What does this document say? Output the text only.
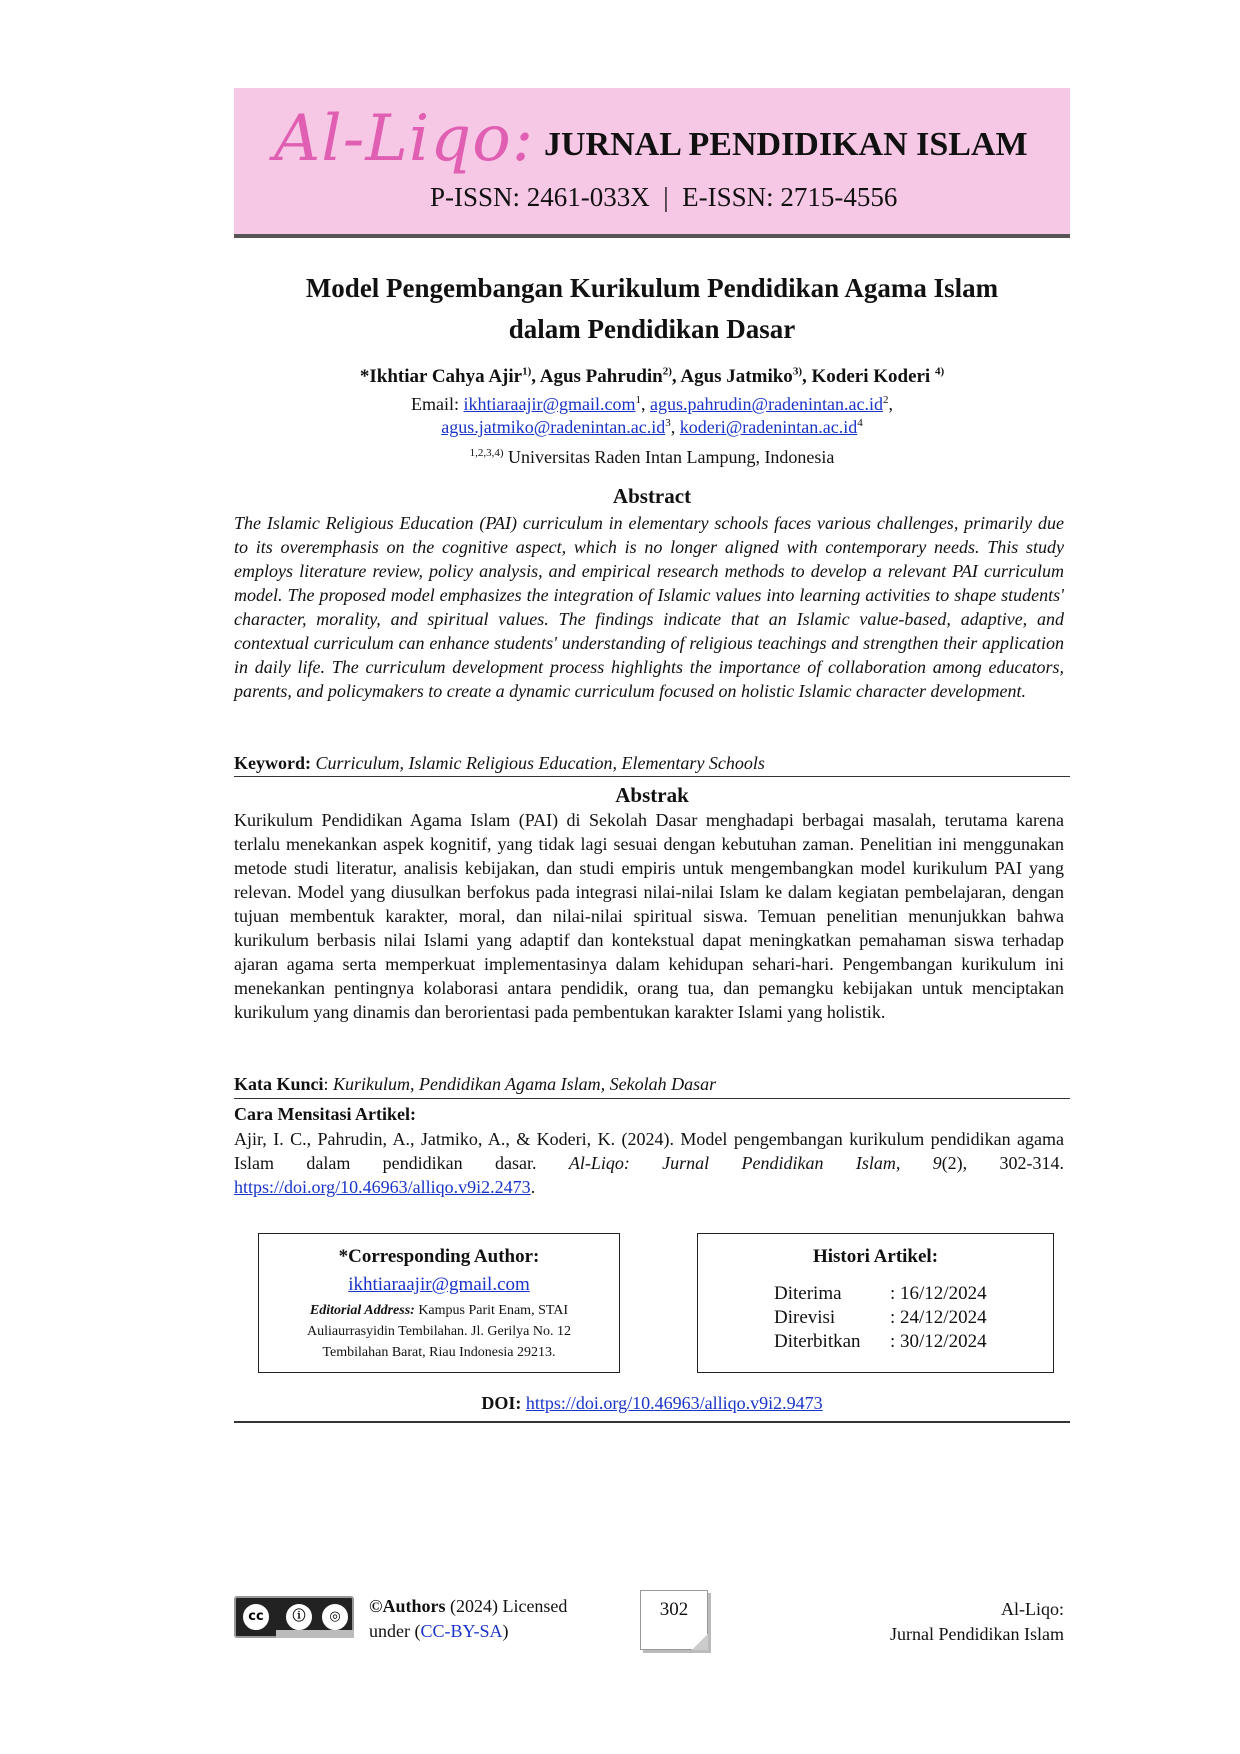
Al-Liqo: JURNAL PENDIDIKAN ISLAM
P-ISSN: 2461-033X  |  E-ISSN: 2715-4556
Model Pengembangan Kurikulum Pendidikan Agama Islam
dalam Pendidikan Dasar
*Ikhtiar Cahya Ajir$^{1)}$, Agus Pahrudin$^{2)}$, Agus Jatmiko$^{3)}$, Koderi Koderi $^{4)}$
Email: ikhtiaraajir@gmail.com$^1$, $agus.pahrudin@radenintan.ac.id^2$,
$agus.jatmiko@radenintan.ac.id^3$, $koderi@radenintan.ac.id^4$
$^{1,2,3,4)}$ Universitas Raden Intan Lampung, Indonesia
Abstract
The Islamic Religious Education (PAI) curriculum in elementary schools faces various challenges, primarily due to its overemphasis on the cognitive aspect, which is no longer aligned with contemporary needs. This study employs literature review, policy analysis, and empirical research methods to develop a relevant PAI curriculum model. The proposed model emphasizes the integration of Islamic values into learning activities to shape students' character, morality, and spiritual values. The findings indicate that an Islamic value-based, adaptive, and contextual curriculum can enhance students' understanding of religious teachings and strengthen their application in daily life. The curriculum development process highlights the importance of collaboration among educators, parents, and policymakers to create a dynamic curriculum focused on holistic Islamic character development.
Keyword: Curriculum, Islamic Religious Education, Elementary Schools
Abstrak
Kurikulum Pendidikan Agama Islam (PAI) di Sekolah Dasar menghadapi berbagai masalah, terutama karena terlalu menekankan aspek kognitif, yang tidak lagi sesuai dengan kebutuhan zaman. Penelitian ini menggunakan metode studi literatur, analisis kebijakan, dan studi empiris untuk mengembangkan model kurikulum PAI yang relevan. Model yang diusulkan berfokus pada integrasi nilai-nilai Islam ke dalam kegiatan pembelajaran, dengan tujuan membentuk karakter, moral, dan nilai-nilai spiritual siswa. Temuan penelitian menunjukkan bahwa kurikulum berbasis nilai Islami yang adaptif dan kontekstual dapat meningkatkan pemahaman siswa terhadap ajaran agama serta memperkuat implementasinya dalam kehidupan sehari-hari. Pengembangan kurikulum ini menekankan pentingnya kolaborasi antara pendidik, orang tua, dan pemangku kebijakan untuk menciptakan kurikulum yang dinamis dan berorientasi pada pembentukan karakter Islami yang holistik.
Kata Kunci: Kurikulum, Pendidikan Agama Islam, Sekolah Dasar
Cara Mensitasi Artikel:
Ajir, I. C., Pahrudin, A., Jatmiko, A., & Koderi, K. (2024). Model pengembangan kurikulum pendidikan agama Islam dalam pendidikan dasar. Al-Liqo: Jurnal Pendidikan Islam, 9(2), 302-314. https://doi.org/10.46963/alliqo.v9i2.2473.
*Corresponding Author:
ikhtiaraajir@gmail.com
Editorial Address: Kampus Parit Enam, STAI Auliaurrasyidin Tembilahan. Jl. Gerilya No. 12 Tembilahan Barat, Riau Indonesia 29213.
Histori Artikel:
Diterima	: 16/12/2024
Direvisi	: 24/12/2024
Diterbitkan	: 30/12/2024
DOI: https://doi.org/10.46963/alliqo.v9i2.9473
cc	ⓘ	◎
©Authors (2024) Licensed
under (CC-BY-SA)
302	Al-Liqo:
Jurnal Pendidikan Islam
